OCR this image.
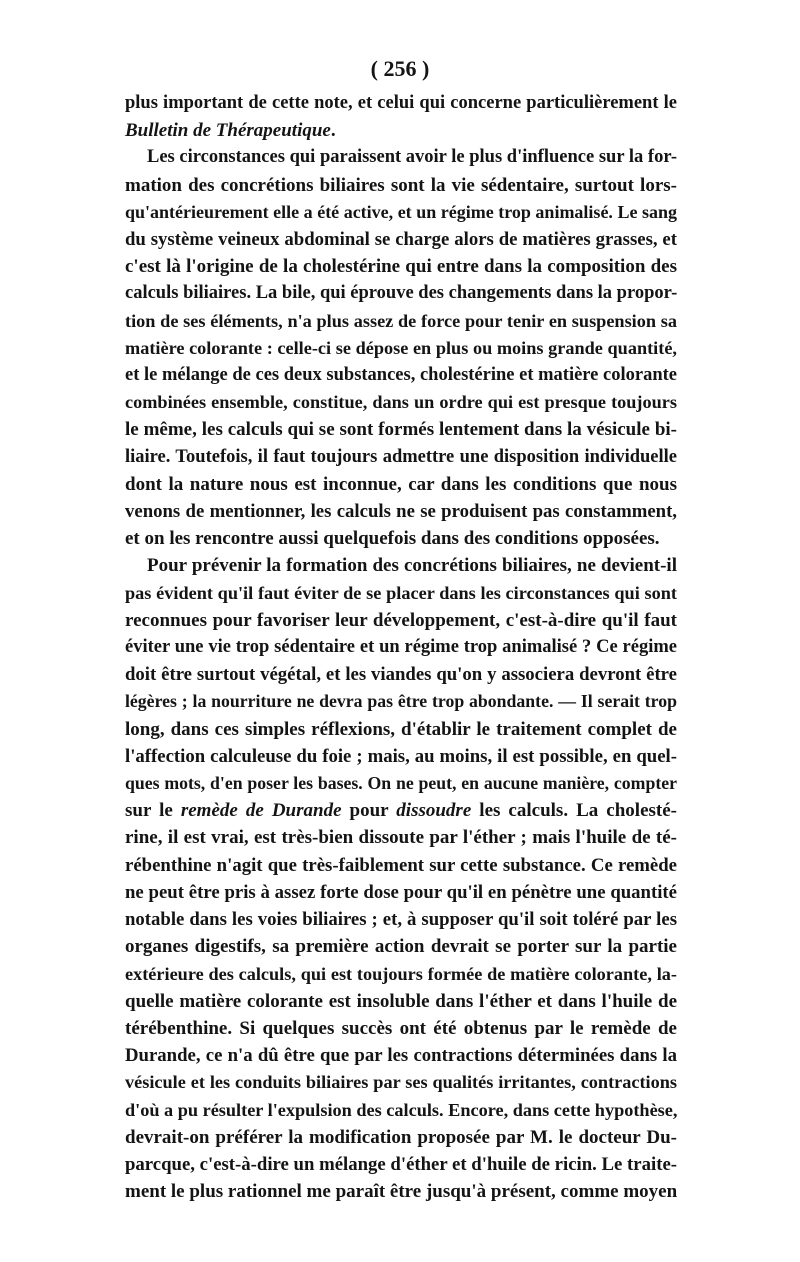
( 256 )
plus important de cette note, et celui qui concerne particulièrement le
Bulletin de Thérapeutique.
Les circonstances qui paraissent avoir le plus d'influence sur la for-
mation des concrétions biliaires sont la vie sédentaire, surtout lors-
qu'antérieurement elle a été active, et un régime trop animalisé. Le sang
du système veineux abdominal se charge alors de matières grasses, et
c'est là l'origine de la cholestérine qui entre dans la composition des
calculs biliaires. La bile, qui éprouve des changements dans la propor-
tion de ses éléments, n'a plus assez de force pour tenir en suspension sa
matière colorante : celle-ci se dépose en plus ou moins grande quantité,
et le mélange de ces deux substances, cholestérine et matière colorante
combinées ensemble, constitue, dans un ordre qui est presque toujours
le même, les calculs qui se sont formés lentement dans la vésicule bi-
liaire. Toutefois, il faut toujours admettre une disposition individuelle
dont la nature nous est inconnue, car dans les conditions que nous
venons de mentionner, les calculs ne se produisent pas constamment,
et on les rencontre aussi quelquefois dans des conditions opposées.
Pour prévenir la formation des concrétions biliaires, ne devient-il
pas évident qu'il faut éviter de se placer dans les circonstances qui sont
reconnues pour favoriser leur développement, c'est-à-dire qu'il faut
éviter une vie trop sédentaire et un régime trop animalisé ? Ce régime
doit être surtout végétal, et les viandes qu'on y associera devront être
légères ; la nourriture ne devra pas être trop abondante. — Il serait trop
long, dans ces simples réflexions, d'établir le traitement complet de
l'affection calculeuse du foie ; mais, au moins, il est possible, en quel-
ques mots, d'en poser les bases. On ne peut, en aucune manière, compter
sur le remède de Durande pour dissoudre les calculs. La cholesté-
rine, il est vrai, est très-bien dissoute par l'éther ; mais l'huile de té-
rébenthine n'agit que très-faiblement sur cette substance. Ce remède
ne peut être pris à assez forte dose pour qu'il en pénètre une quantité
notable dans les voies biliaires ; et, à supposer qu'il soit toléré par les
organes digestifs, sa première action devrait se porter sur la partie
extérieure des calculs, qui est toujours formée de matière colorante, la-
quelle matière colorante est insoluble dans l'éther et dans l'huile de
térébenthine. Si quelques succès ont été obtenus par le remède de
Durande, ce n'a dû être que par les contractions déterminées dans la
vésicule et les conduits biliaires par ses qualités irritantes, contractions
d'où a pu résulter l'expulsion des calculs. Encore, dans cette hypothèse,
devrait-on préférer la modification proposée par M. le docteur Du-
parcque, c'est-à-dire un mélange d'éther et d'huile de ricin. Le traite-
ment le plus rationnel me paraît être jusqu'à présent, comme moyen
